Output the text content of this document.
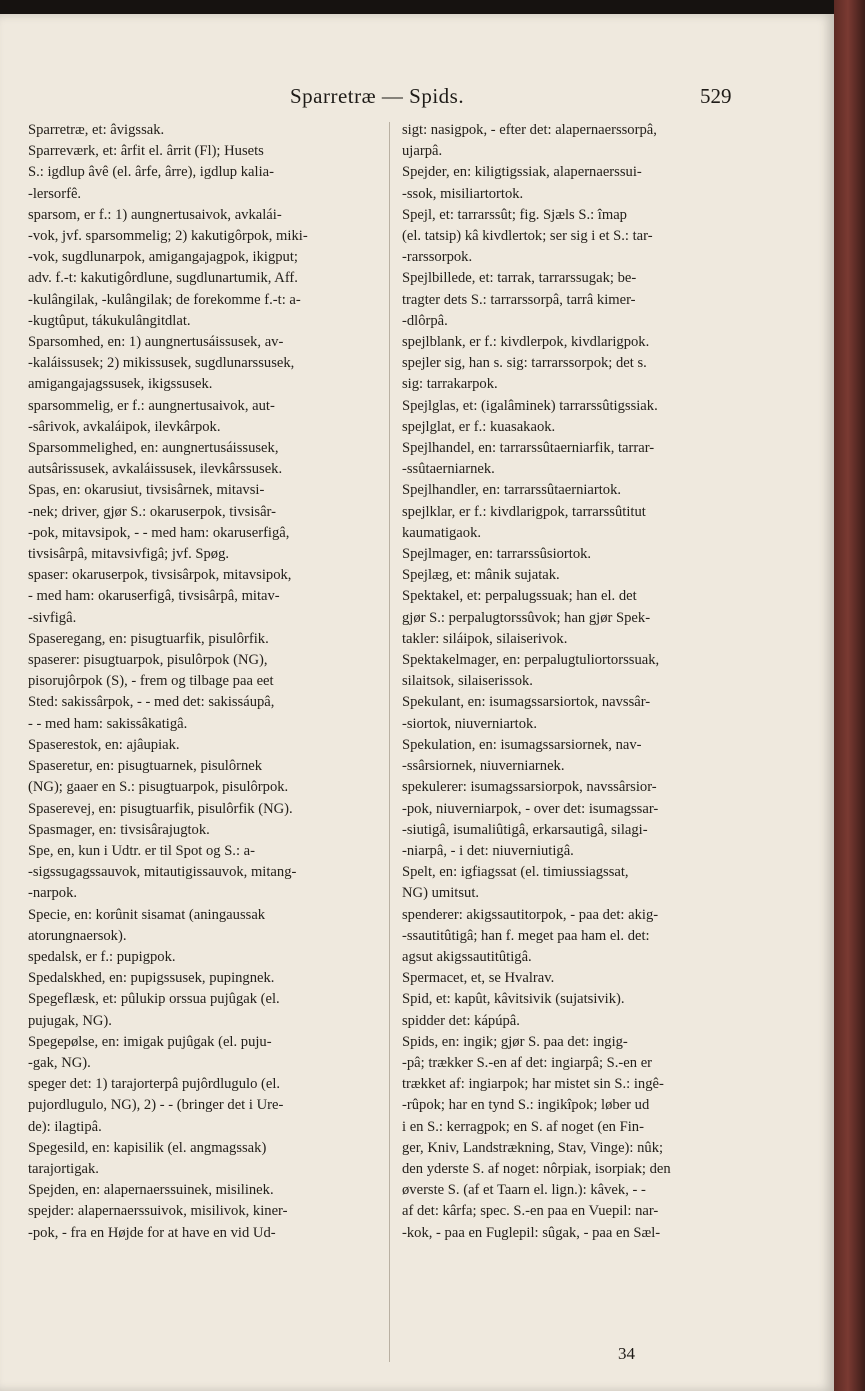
Sparretræ — Spids.	529
Sparretræ, et: âvigssak.
Sparreværk, et: ârfit el. ârrit (Fl); Husets
S.: igdlup âvê (el. ârfe, ârre), igdlup kalia-
-lersorfê.
sparsom, er f.: 1) aungnertusaivok, avkalái-
-vok, jvf. sparsommelig; 2) kakutigôrpok, miki-
-vok, sugdlunarpok, amigangajagpok, ikigput;
adv. f.-t: kakutigôrdlune, sugdlunartumik, Aff.
-kulângilak, -kulângilak; de forekomme f.-t: a-
-kugtûput, tákukulângitdlat.
Sparsomhed, en: 1) aungnertusáissusek, av-
-kaláissusek; 2) mikissusek, sugdlunarssusek,
amigangajagssusek, ikigssusek.
sparsommelig, er f.: aungnertusaivok, aut-
-sârivok, avkaláipok, ilevkârpok.
Sparsommelighed, en: aungnertusáissusek,
autsârissusek, avkaláissusek, ilevkârssusek.
Spas, en: okarusiut, tivsisârnek, mitavsi-
-nek; driver, gjør S.: okaruserpok, tivsisâr-
-pok, mitavsipok, - - med ham: okaruserfigâ,
tivsisârpâ, mitavsivfigâ; jvf. Spøg.
spaser: okaruserpok, tivsisârpok, mitavsipok,
- med ham: okaruserfigâ, tivsisârpâ, mitav-
-sivfigâ.
Spaseregang, en: pisugtuarfik, pisulôrfik.
spaserer: pisugtuarpok, pisulôrpok (NG),
pisorujôrpok (S), - frem og tilbage paa eet
Sted: sakissârpok, - - med det: sakissáupâ,
- - med ham: sakissâkatigâ.
Spaserestok, en: ajâupiak.
Spaseretur, en: pisugtuarnek, pisulôrnek
(NG); gaaer en S.: pisugtuarpok, pisulôrpok.
Spaserevej, en: pisugtuarfik, pisulôrfik (NG).
Spasmager, en: tivsisârajugtok.
Spe, en, kun i Udtr. er til Spot og S.: a-
-sigssugagssauvok, mitautigissauvok, mitang-
-narpok.
Specie, en: korûnit sisamat (aningaussak
atorungnaersok).
spedalsk, er f.: pupigpok.
Spedalskhed, en: pupigssusek, pupingnek.
Spegeflæsk, et: pûlukip orssua pujûgak (el.
pujugak, NG).
Spegepølse, en: imigak pujûgak (el. puju-
-gak, NG).
speger det: 1) tarajorterpâ pujôrdlugulo (el.
pujordlugulo, NG), 2) - - (bringer det i Ure-
de): ilagtipâ.
Spegesild, en: kapisilik (el. angmagssak)
tarajortigak.
Spejden, en: alapernaerssuinek, misilinek.
spejder: alapernaerssuivok, misilivok, kiner-
-pok, - fra en Højde for at have en vid Ud-
sigt: nasigpok, - efter det: alapernaerssorpâ,
ujarpâ.
Spejder, en: kiligtigssiak, alapernaerssui-
-ssok, misiliartortok.
Spejl, et: tarrarssût; fig. Sjæls S.: îmap
(el. tatsip) kâ kivdlertok; ser sig i et S.: tar-
-rarssorpok.
Spejlbillede, et: tarrak, tarrarssugak; be-
tragter dets S.: tarrarssorpâ, tarrâ kimer-
-dlôrpâ.
spejlblank, er f.: kivdlerpok, kivdlarigpok.
spejler sig, han s. sig: tarrarssorpok; det s.
sig: tarrakarpok.
Spejlglas, et: (igalâminek) tarrarssûtigssiak.
spejlglat, er f.: kuasakaok.
Spejlhandel, en: tarrarssûtaerniarfik, tarrar-
-ssûtaerniarnek.
Spejlhandler, en: tarrarssûtaerniartok.
spejlklar, er f.: kivdlarigpok, tarrarssûtitut
kaumatigaok.
Spejlmager, en: tarrarssûsiortok.
Spejlæg, et: mânik sujatak.
Spektakel, et: perpalugssuak; han el. det
gjør S.: perpalugtorssûvok; han gjør Spek-
takler: siláipok, silaiserivok.
Spektakelmager, en: perpalugtuliortorssuak,
silaitsok, silaiserissok.
Spekulant, en: isumagssarsiortok, navssâr-
-siortok, niuverniartok.
Spekulation, en: isumagssarsiornek, nav-
-ssârsiornek, niuverniarnek.
spekulerer: isumagssarsiorpok, navssârsior-
-pok, niuverniarpok, - over det: isumagssar-
-siutigâ, isumaliûtigâ, erkarsautigâ, silagi-
-niarpâ, - i det: niuverniutigâ.
Spelt, en: igfiagssat (el. timiussiagssat,
NG) umitsut.
spenderer: akigssautitorpok, - paa det: akig-
-ssautitûtigâ; han f. meget paa ham el. det:
agsut akigssautitûtigâ.
Spermacet, et, se Hvalrav.
Spid, et: kapût, kâvitsivik (sujatsivik).
spidder det: kápúpâ.
Spids, en: ingik; gjør S. paa det: ingig-
-pâ; trækker S.-en af det: ingiarpâ; S.-en er
trækket af: ingiarpok; har mistet sin S.: ingê-
-rûpok; har en tynd S.: ingikîpok; løber ud
i en S.: kerragpok; en S. af noget (en Fin-
ger, Kniv, Landstrækning, Stav, Vinge): nûk;
den yderste S. af noget: nôrpiak, isorpiak; den
øverste S. (af et Taarn el. lign.): kâvek, - -
af det: kârfa; spec. S.-en paa en Vuepil: nar-
-kok, - paa en Fuglepil: sûgak, - paa en Sæl-
34
